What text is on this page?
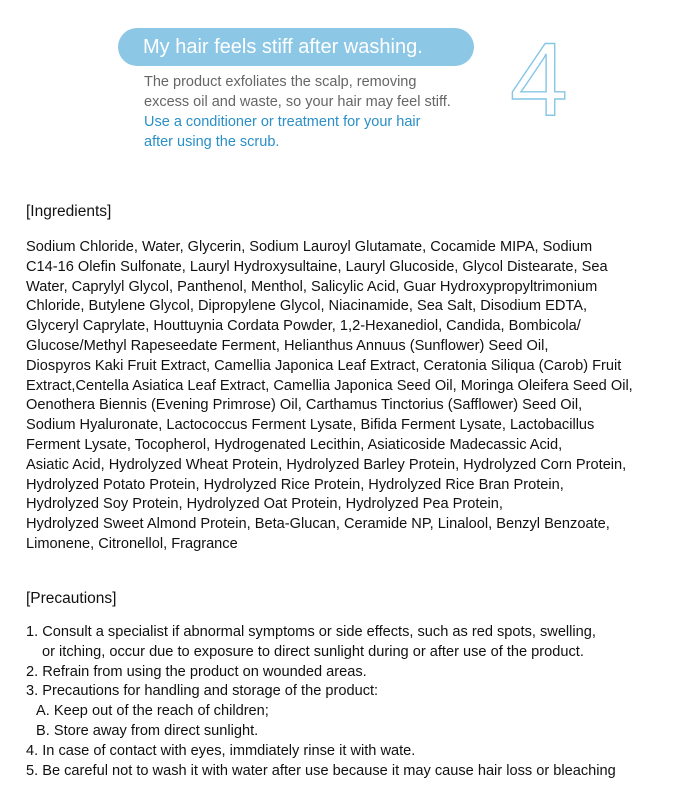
My hair feels stiff after washing.
The product exfoliates the scalp, removing
excess oil and waste, so your hair may feel stiff.
Use a conditioner or treatment for your hair
after using the scrub.
4
[Ingredients]
Sodium Chloride, Water, Glycerin, Sodium Lauroyl Glutamate, Cocamide MIPA, Sodium
C14-16 Olefin Sulfonate, Lauryl Hydroxysultaine, Lauryl Glucoside, Glycol Distearate, Sea
Water, Caprylyl Glycol, Panthenol, Menthol, Salicylic Acid, Guar Hydroxypropyltrimonium
Chloride, Butylene Glycol, Dipropylene Glycol, Niacinamide, Sea Salt, Disodium EDTA,
Glyceryl Caprylate, Houttuynia Cordata Powder, 1,2-Hexanediol, Candida, Bombicola/
Glucose/Methyl Rapeseedate Ferment, Helianthus Annuus (Sunflower) Seed Oil,
Diospyros Kaki Fruit Extract, Camellia Japonica Leaf Extract, Ceratonia Siliqua (Carob) Fruit
Extract,Centella Asiatica Leaf Extract, Camellia Japonica Seed Oil, Moringa Oleifera Seed Oil,
Oenothera Biennis (Evening Primrose) Oil, Carthamus Tinctorius (Safflower) Seed Oil,
Sodium Hyaluronate, Lactococcus Ferment Lysate, Bifida Ferment Lysate, Lactobacillus
Ferment Lysate, Tocopherol, Hydrogenated Lecithin, Asiaticoside Madecassic Acid,
Asiatic Acid, Hydrolyzed Wheat Protein, Hydrolyzed Barley Protein, Hydrolyzed Corn Protein,
Hydrolyzed Potato Protein, Hydrolyzed Rice Protein, Hydrolyzed Rice Bran Protein,
Hydrolyzed Soy Protein, Hydrolyzed Oat Protein, Hydrolyzed Pea Protein,
Hydrolyzed Sweet Almond Protein, Beta-Glucan, Ceramide NP, Linalool, Benzyl Benzoate,
Limonene, Citronellol, Fragrance
[Precautions]
1. Consult a specialist if abnormal symptoms or side effects, such as red spots, swelling,
or itching, occur due to exposure to direct sunlight during or after use of the product.
2. Refrain from using the product on wounded areas.
3. Precautions for handling and storage of the product:
A. Keep out of the reach of children;
B. Store away from direct sunlight.
4. In case of contact with eyes, immdiately rinse it with wate.
5. Be careful not to wash it with water after use because it may cause hair loss or bleaching
